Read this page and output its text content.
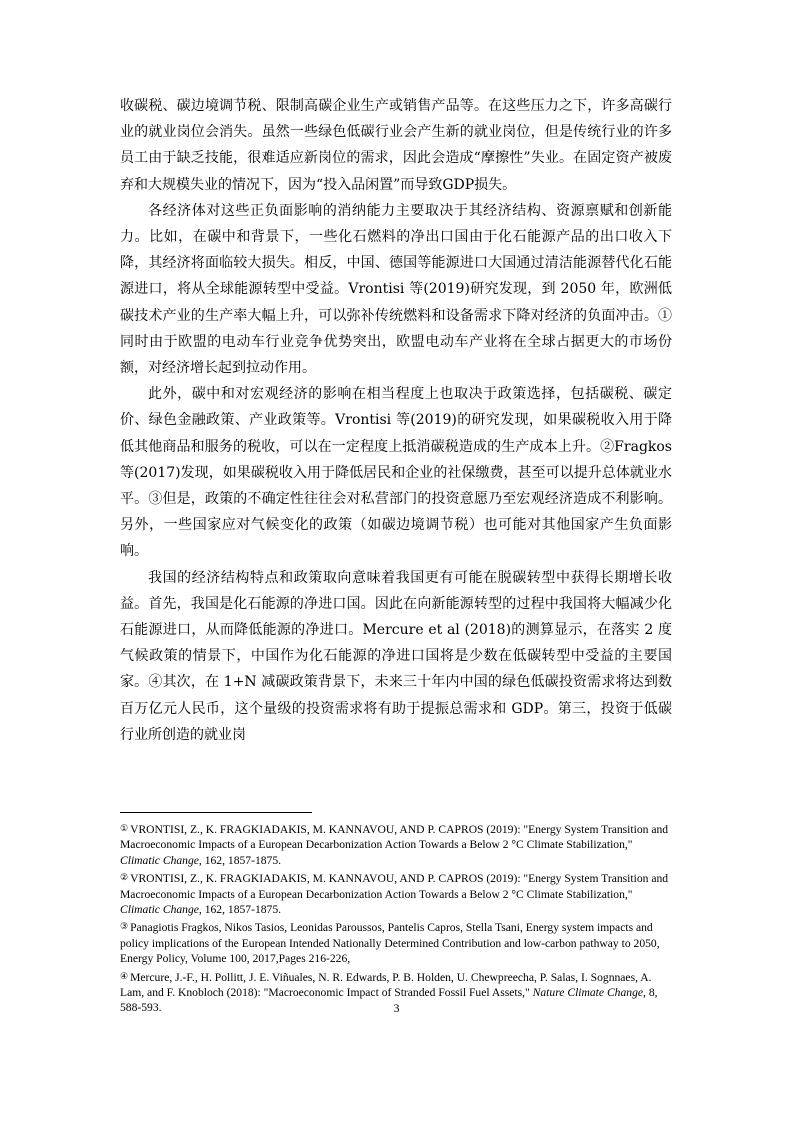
收碳税、碳边境调节税、限制高碳企业生产或销售产品等。在这些压力之下，许多高碳行业的就业岗位会消失。虽然一些绿色低碳行业会产生新的就业岗位，但是传统行业的许多员工由于缺乏技能，很难适应新岗位的需求，因此会造成“摩擦性”失业。在固定资产被废弃和大规模失业的情况下，因为“投入品闲置”而导致GDP损失。

各经济体对这些正负面影响的消纳能力主要取决于其经济结构、资源禀赋和创新能力。比如，在碳中和背景下，一些化石燃料的净出口国由于化石能源产品的出口收入下降，其经济将面临较大损失。相反，中国、德国等能源进口大国通过清洁能源替代化石能源进口，将从全球能源转型中受益。Vrontisi 等(2019)研究发现，到 2050 年，欧洲低碳技术产业的生产率大幅上升，可以弥补传统燃料和设备需求下降对经济的负面冲击。①同时由于欧盟的电动车行业竞争优势突出，欧盟电动车产业将在全球占据更大的市场份额，对经济增长起到拉动作用。

此外，碳中和对宏观经济的影响在相当程度上也取决于政策选择，包括碳税、碳定价、绿色金融政策、产业政策等。Vrontisi 等(2019)的研究发现，如果碳税收入用于降低其他商品和服务的税收，可以在一定程度上抵消碳税造成的生产成本上升。②Fragkos 等(2017)发现，如果碳税收入用于降低居民和企业的社保缴费，甚至可以提升总体就业水平。③但是，政策的不确定性往往会对私营部门的投资意愿乃至宏观经济造成不利影响。另外，一些国家应对气候变化的政策（如碳边境调节税）也可能对其他国家产生负面影响。

我国的经济结构特点和政策取向意味着我国更有可能在脱碳转型中获得长期增长收益。首先，我国是化石能源的净进口国。因此在向新能源转型的过程中我国将大幅减少化石能源进口，从而降低能源的净进口。Mercure et al (2018)的测算显示，在落实 2 度气候政策的情景下，中国作为化石能源的净进口国将是少数在低碳转型中受益的主要国家。④其次，在 1+N 减碳政策背景下，未来三十年内中国的绿色低碳投资需求将达到数百万亿元人民币，这个量级的投资需求将有助于提振总需求和 GDP。第三，投资于低碳行业所创造的就业岗

① VRONTISI, Z., K. FRAGKIADAKIS, M. KANNAVOU, AND P. CAPROS (2019): "Energy System Transition and Macroeconomic Impacts of a European Decarbonization Action Towards a Below 2 °C Climate Stabilization," Climatic Change, 162, 1857-1875.

② VRONTISI, Z., K. FRAGKIADAKIS, M. KANNAVOU, AND P. CAPROS (2019): "Energy System Transition and Macroeconomic Impacts of a European Decarbonization Action Towards a Below 2 °C Climate Stabilization," Climatic Change, 162, 1857-1875.

③ Panagiotis Fragkos, Nikos Tasios, Leonidas Paroussos, Pantelis Capros, Stella Tsani, Energy system impacts and policy implications of the European Intended Nationally Determined Contribution and low-carbon pathway to 2050, Energy Policy, Volume 100, 2017,Pages 216-226,

④ Mercure, J.-F., H. Pollitt, J. E. Viñuales, N. R. Edwards, P. B. Holden, U. Chewpreecha, P. Salas, I. Sognnaes, A. Lam, and F. Knobloch (2018): "Macroeconomic Impact of Stranded Fossil Fuel Assets," Nature Climate Change, 8, 588-593.	3
